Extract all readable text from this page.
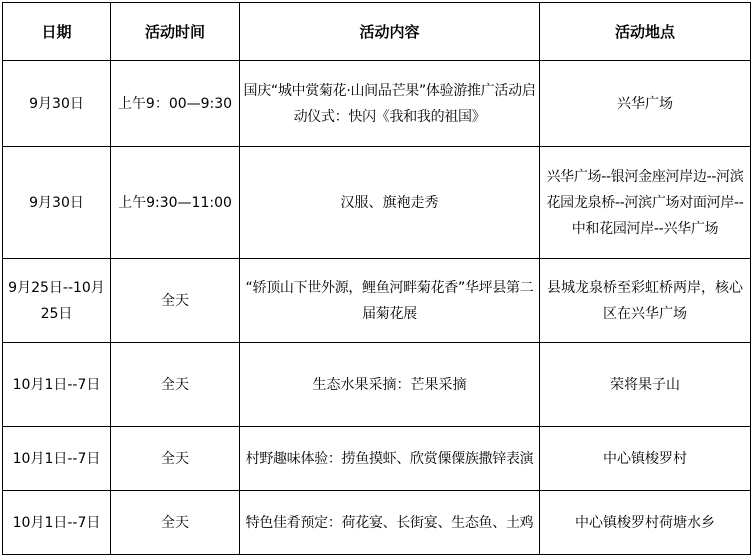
日期	活动时间	活动内容	活动地点
9月30日	上午9：00—9:30	国庆“城中赏菊花·山间品芒果”体验游推广活动启动仪式：快闪《我和我的祖国》	兴华广场
9月30日	上午9:30—11:00	汉服、旗袍走秀	兴华广场--银河金座河岸边--河滨花园龙泉桥--河滨广场对面河岸--中和花园河岸--兴华广场
9月25日--10月25日	全天	“轿顶山下世外源，鲤鱼河畔菊花香”华坪县第二届菊花展	县城龙泉桥至彩虹桥两岸，核心区在兴华广场
10月1日--7日	全天	生态水果采摘：芒果采摘	荣将果子山
10月1日--7日	全天	村野趣味体验：捞鱼摸虾、欣赏傈僳族撒锌表演	中心镇梭罗村
10月1日--7日	全天	特色佳肴预定：荷花宴、长街宴、生态鱼、土鸡	中心镇梭罗村荷塘水乡
